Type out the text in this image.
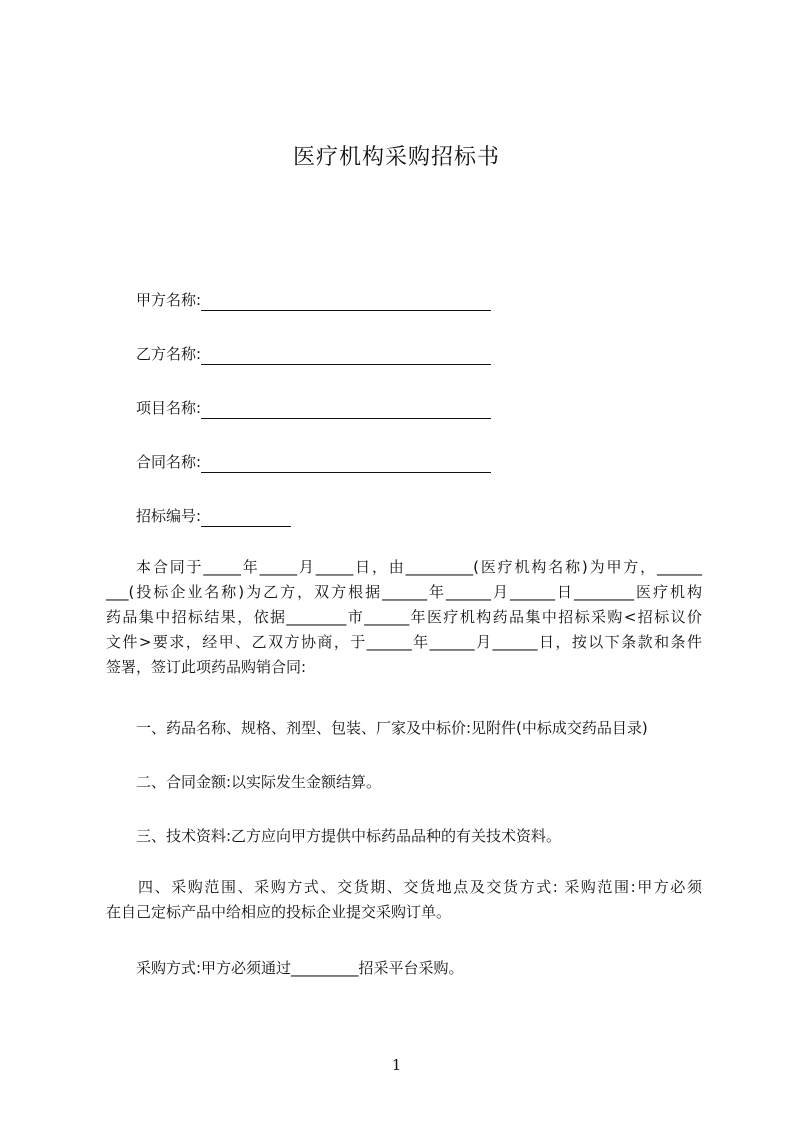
医疗机构采购招标书
甲方名称:
乙方名称:
项目名称:
合同名称:
招标编号:

本合同于_____年_____月_____日，由_________(医疗机构名称)为甲方，______

___(投标企业名称)为乙方，双方根据______年______月______日________医疗机构

药品集中招标结果，依据________市______年医疗机构药品集中招标采购<招标议价

文件>要求，经甲、乙双方协商，于______年______月______日，按以下条款和条件

签署，签订此项药品购销合同:

一、药品名称、规格、剂型、包装、厂家及中标价:见附件(中标成交药品目录)
二、合同金额:以实际发生金额结算。
三、技术资料:乙方应向甲方提供中标药品品种的有关技术资料。

四、采购范围、采购方式、交货期、交货地点及交货方式: 采购范围:甲方必须

在自己定标产品中给相应的投标企业提交采购订单。

采购方式:甲方必须通过_________招采平台采购。
1
